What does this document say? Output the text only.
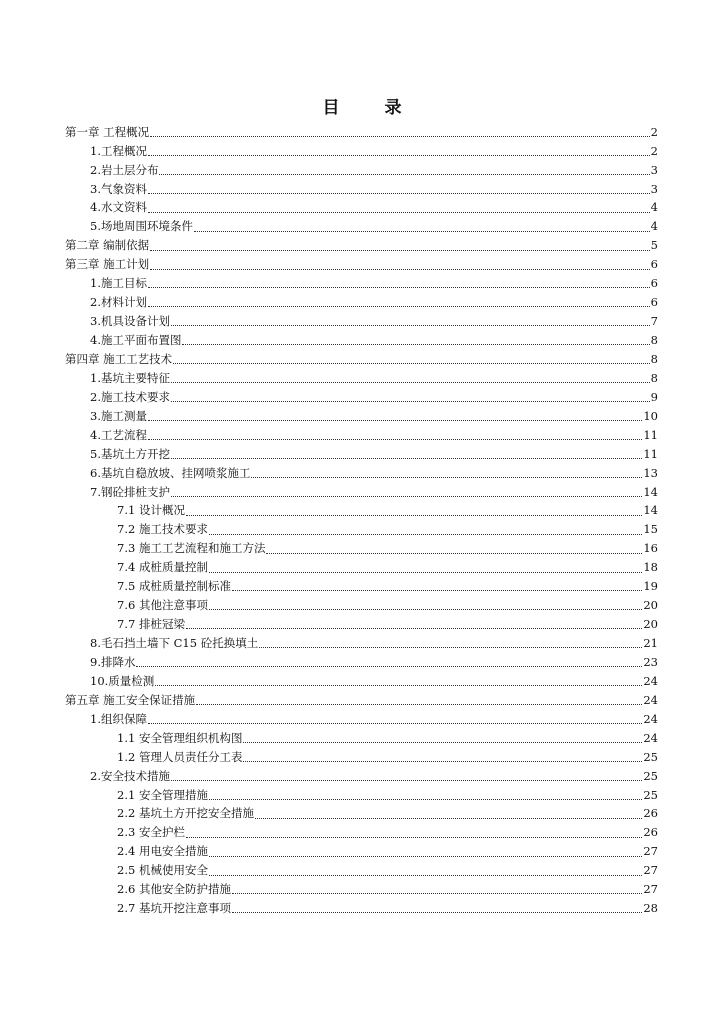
目　录
第一章 工程概况	2
1.工程概况	2
2.岩土层分布	3
3.气象资料	3
4.水文资料	4
5.场地周围环境条件	4
第二章 编制依据	5
第三章 施工计划	6
1.施工目标	6
2.材料计划	6
3.机具设备计划	7
4.施工平面布置图	8
第四章 施工工艺技术	8
1.基坑主要特征	8
2.施工技术要求	9
3.施工测量	10
4.工艺流程	11
5.基坑土方开挖	11
6.基坑自稳放坡、挂网喷浆施工	13
7.钢砼排桩支护	14
7.1 设计概况	14
7.2 施工技术要求	15
7.3 施工工艺流程和施工方法	16
7.4 成桩质量控制	18
7.5 成桩质量控制标准	19
7.6 其他注意事项	20
7.7 排桩冠梁	20
8.毛石挡土墙下 C15 砼托换填土	21
9.排降水	23
10.质量检测	24
第五章 施工安全保证措施	24
1.组织保障	24
1.1 安全管理组织机构图	24
1.2 管理人员责任分工表	25
2.安全技术措施	25
2.1 安全管理措施	25
2.2 基坑土方开挖安全措施	26
2.3 安全护栏	26
2.4 用电安全措施	27
2.5 机械使用安全	27
2.6 其他安全防护措施	27
2.7 基坑开挖注意事项	28
